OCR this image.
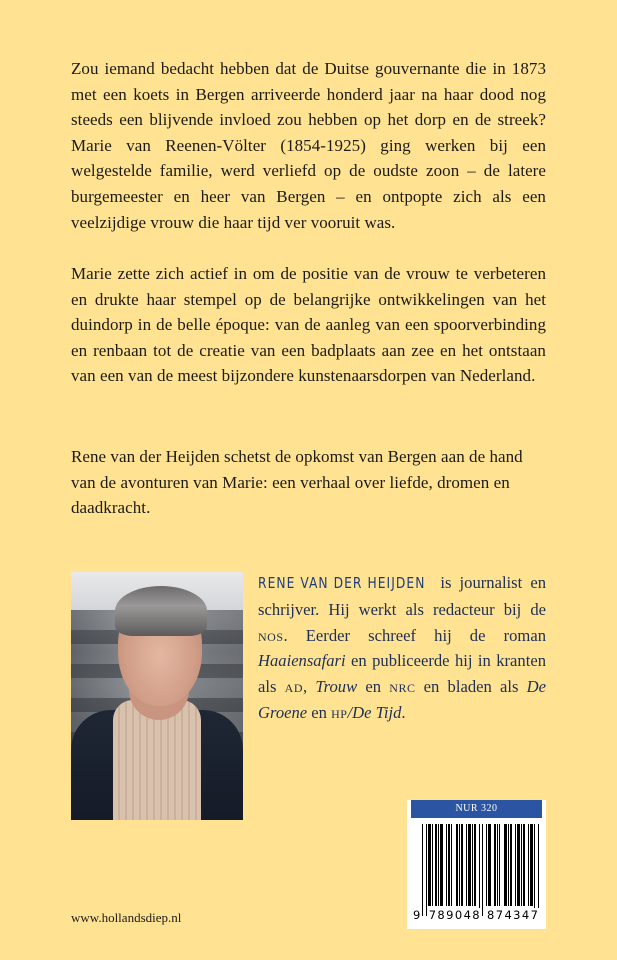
Zou iemand bedacht hebben dat de Duitse gouvernante die in 1873 met een koets in Bergen arriveerde honderd jaar na haar dood nog steeds een blijvende invloed zou hebben op het dorp en de streek? Marie van Reenen-Völter (1854-1925) ging werken bij een welgestelde familie, werd verliefd op de oudste zoon – de latere burgemeester en heer van Bergen – en ontpopte zich als een veelzijdige vrouw die haar tijd ver vooruit was.

Marie zette zich actief in om de positie van de vrouw te verbeteren en drukte haar stempel op de belangrijke ontwikkelingen van het duindorp in de belle époque: van de aanleg van een spoorverbinding en renbaan tot de creatie van een badplaats aan zee en het ontstaan van een van de meest bijzondere kunstenaarsdorpen van Nederland.

Rene van der Heijden schetst de opkomst van Bergen aan de hand van de avonturen van Marie: een verhaal over liefde, dromen en daadkracht.

RENE VAN DER HEIJDEN is journalist en schrijver. Hij werkt als redacteur bij de nos. Eerder schreef hij de roman Haaiensafari en publiceerde hij in kranten als ad, Trouw en nrc en bladen als De Groene en hp/De Tijd.

NUR 320
9 789048 874347
www.hollandsdiep.nl
